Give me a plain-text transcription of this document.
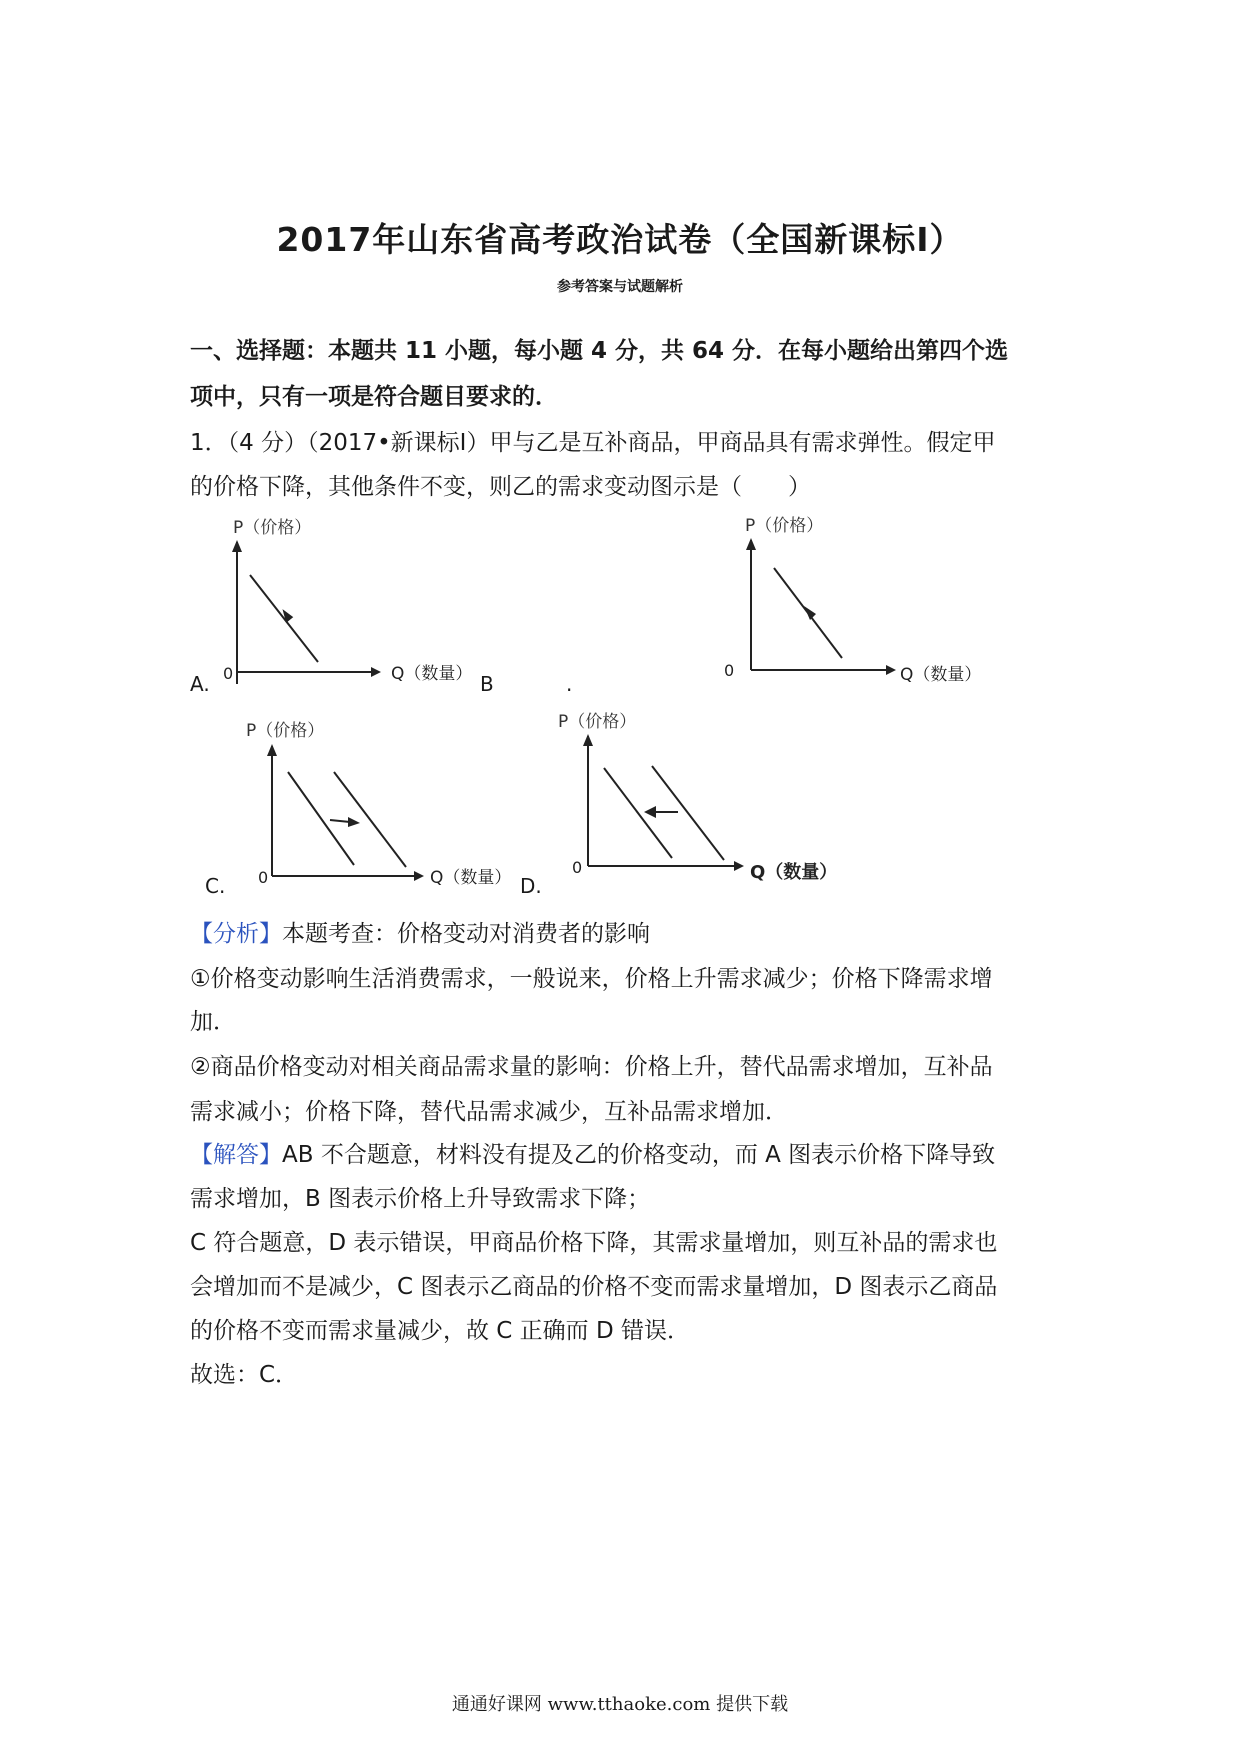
2017年山东省高考政治试卷（全国新课标Ⅰ）
参考答案与试题解析
一、选择题：本题共 11 小题，每小题 4 分，共 64 分．在每小题给出第四个选
项中，只有一项是符合题目要求的．
1．（4 分）（2017•新课标Ⅰ）甲与乙是互补商品，甲商品具有需求弹性。假定甲
的价格下降，其他条件不变，则乙的需求变动图示是（　　）
P（价格）
0	Q（数量）
A.
P（价格）
0	Q（数量）
B	.
P（价格）
0	Q（数量）
C.
P（价格）
0	Q（数量）
D.
【分析】本题考查：价格变动对消费者的影响
①价格变动影响生活消费需求，一般说来，价格上升需求减少；价格下降需求增
加．
②商品价格变动对相关商品需求量的影响：价格上升，替代品需求增加，互补品
需求减小；价格下降，替代品需求减少，互补品需求增加．
【解答】AB 不合题意，材料没有提及乙的价格变动，而 A 图表示价格下降导致
需求增加，B 图表示价格上升导致需求下降；
C 符合题意，D 表示错误，甲商品价格下降，其需求量增加，则互补品的需求也
会增加而不是减少，C 图表示乙商品的价格不变而需求量增加，D 图表示乙商品
的价格不变而需求量减少，故 C 正确而 D 错误．
故选：C．
通通好课网 www.tthaoke.com 提供下载
